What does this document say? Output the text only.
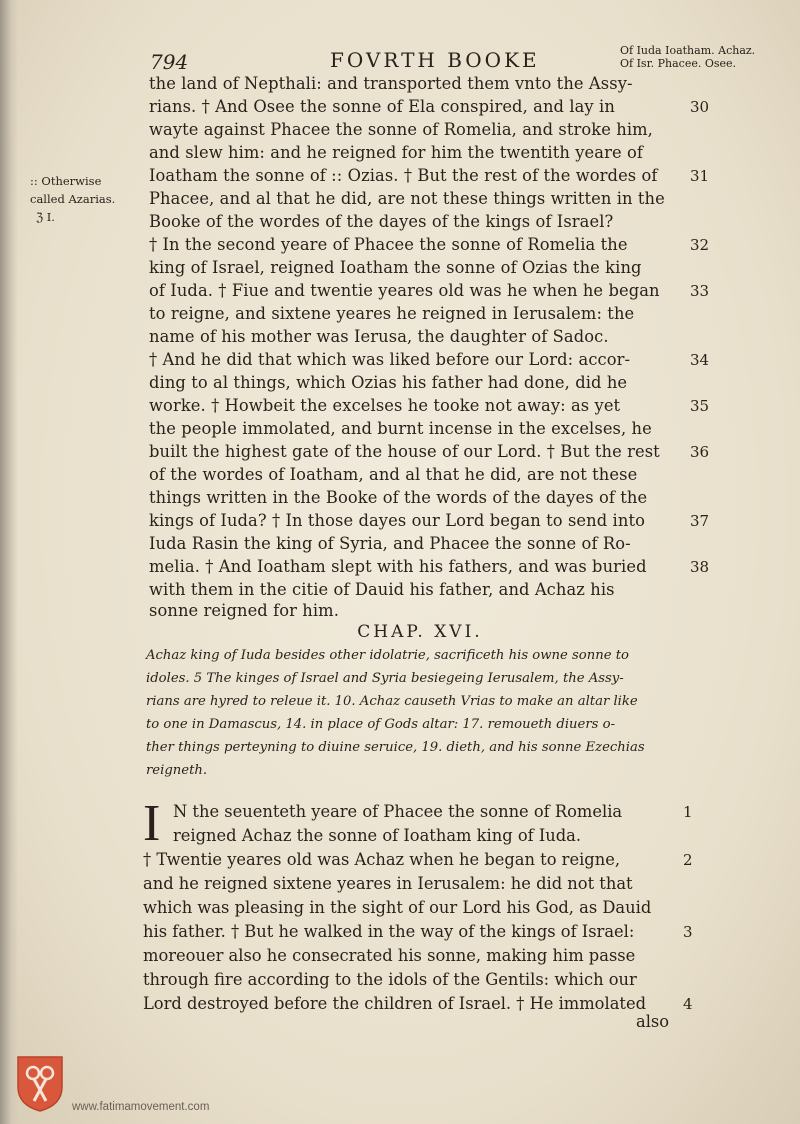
794	FOVRTH BOOKE	Of Iuda Ioatham. Achaz.
Of Isr. Phacee. Osee.
the land of Nepthali: and transported them vnto the Assy-
rians. † And Osee the sonne of Ela conspired, and lay in	30
wayte against Phacee the sonne of Romelia, and stroke him,
and slew him: and he reigned for him the twentith yeare of
Ioatham the sonne of :: Ozias. † But the rest of the wordes of 31
Phacee, and al that he did, are not these things written in the
Booke of the wordes of the dayes of the kings of Israel?
† In the second yeare of Phacee the sonne of Romelia the	32
king of Israel, reigned Ioatham the sonne of Ozias the king
of Iuda. † Fiue and twentie yeares old was he when he began 33
to reigne, and sixtene yeares he reigned in Ierusalem: the
name of his mother was Ierusa, the daughter of Sadoc.
† And he did that which was liked before our Lord: accor-	34
ding to al things, which Ozias his father had done, did he
worke. † Howbeit the excelses he tooke not away: as yet	35
the people immolated, and burnt incense in the excelses, he
built the highest gate of the house of our Lord. † But the rest 36
of the wordes of Ioatham, and al that he did, are not these
things written in the Booke of the words of the dayes of the
kings of Iuda? † In those dayes our Lord began to send into	37
Iuda Rasin the king of Syria, and Phacee the sonne of Ro-
melia. † And Ioatham slept with his fathers, and was buried	38
with them in the citie of Dauid his father, and Achaz his
sonne reigned for him.
:: Otherwise
called Azarias.
ℨ I.
CHAP. XVI.
Achaz king of Iuda besides other idolatrie, sacrificeth his owne sonne to
idoles. 5 The kinges of Israel and Syria besiegeing Ierusalem, the Assy-
rians are hyred to releue it. 10. Achaz causeth Vrias to make an altar like
to one in Damascus, 14. in place of Gods altar: 17. remoueth diuers o-
ther things perteyning to diuine seruice, 19. dieth, and his sonne Ezechias
reigneth.
I N the seuenteth yeare of Phacee the sonne of Romelia	1
reigned Achaz the sonne of Ioatham king of Iuda.
† Twentie yeares old was Achaz when he began to reigne,	2
and he reigned sixtene yeares in Ierusalem: he did not that
which was pleasing in the sight of our Lord his God, as Dauid
his father. † But he walked in the way of the kings of Israel:	3
moreouer also he consecrated his sonne, making him passe
through fire according to the idols of the Gentils: which our
Lord destroyed before the children of Israel. † He immolated 4
also
www.fatimamovement.com
